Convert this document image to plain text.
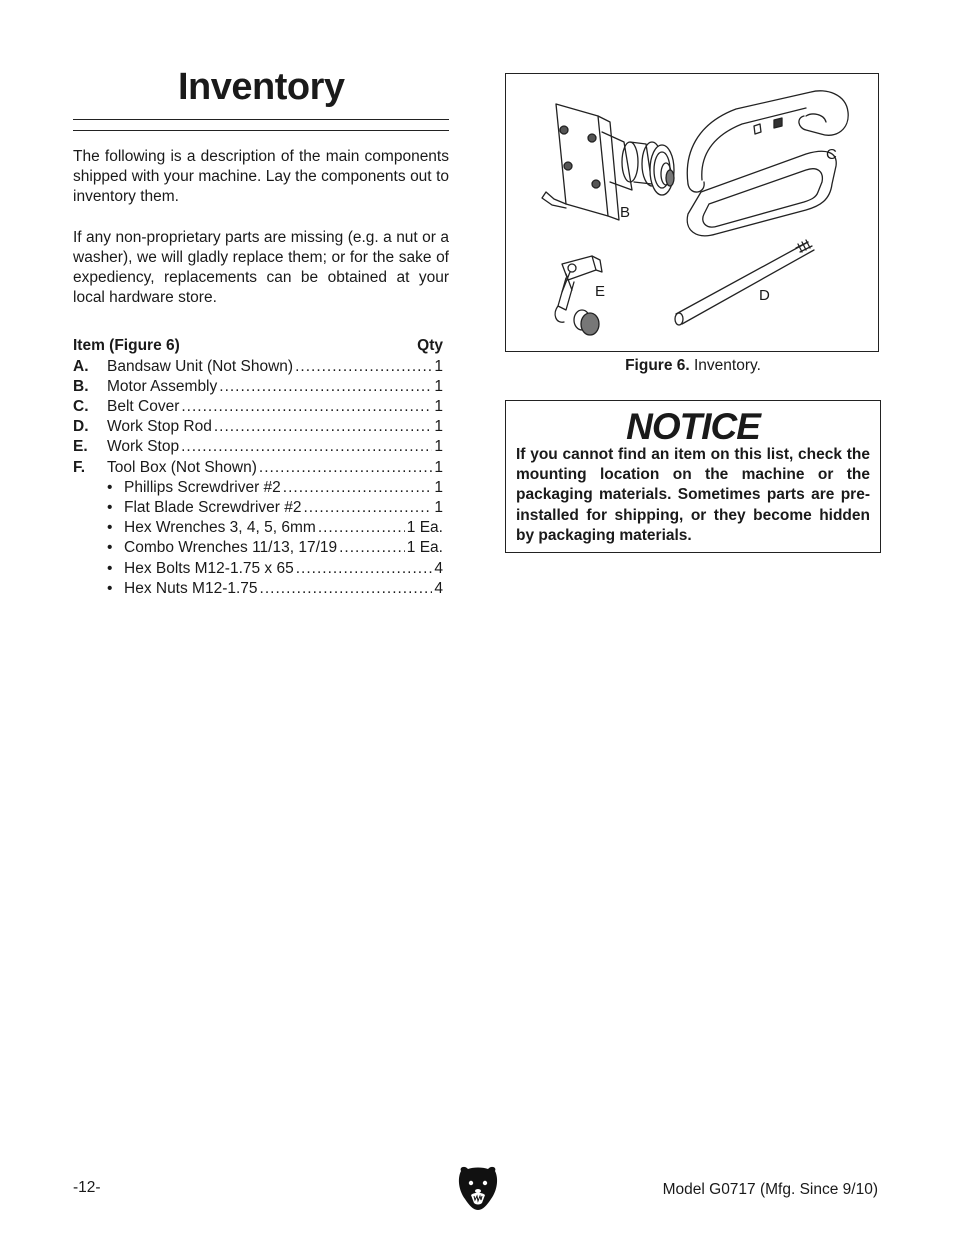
Inventory

The following is a description of the main components shipped with your machine. Lay the components out to inventory them.

If any non-proprietary parts are missing (e.g. a nut or a washer), we will gladly replace them; or for the sake of expediency, replacements can be obtained at your local hardware store.

Item (Figure 6)	Qty
A.	Bandsaw Unit (Not Shown) .....	1
B.	Motor Assembly .....	1
C.	Belt Cover .....	1
D.	Work Stop Rod .....	1
E.	Work Stop .....	1
F.	Tool Box (Not Shown) .....	1
• Phillips Screwdriver #2 .....	1
• Flat Blade Screwdriver #2 .....	1
• Hex Wrenches 3, 4, 5, 6mm .....	1 Ea.
• Combo Wrenches 11/13, 17/19 .....	1 Ea.
• Hex Bolts M12-1.75 x 65 .....	4
• Hex Nuts M12-1.75 .....	4
B
C
D
E
Figure 6. Inventory.
NOTICE
If you cannot find an item on this list, check the mounting location on the machine or the packaging materials. Sometimes parts are pre-installed for shipping, or they become hidden by packaging materials.
-12-	Model G0717 (Mfg. Since 9/10)
